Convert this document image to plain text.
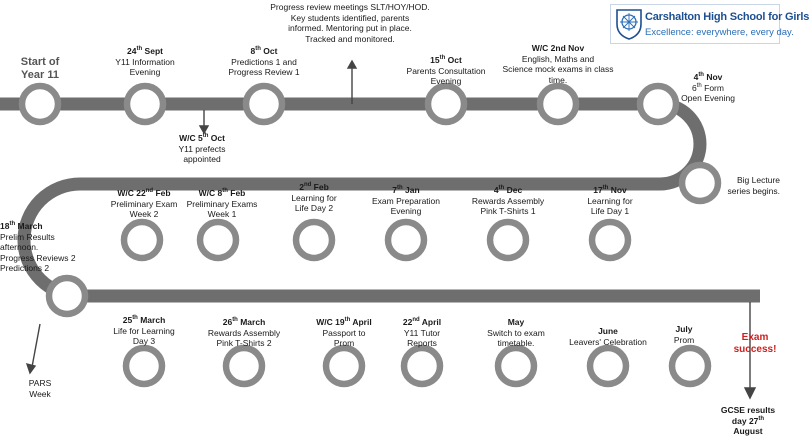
Carshalton High School for Girls
Excellence: everywhere, every day.
Start of
Year 11
24th Sept
Y11 Information
Evening
8th Oct
Predictions 1 and
Progress Review 1
15th Oct
Parents Consultation
Evening
W/C 2nd Nov
English, Maths and
Science mock exams in class
time.	4th Nov
6th Form
Open Evening
Big Lecture
series begins.
17th Nov
Learning for
Life Day 1
4th Dec
Rewards Assembly
Pink T-Shirts 1
7th Jan
Exam Preparation
Evening
2nd Feb
Learning for
Life Day 2
W/C 8th Feb
Preliminary Exams
Week 1
W/C 22nd Feb
Preliminary Exam
Week 2
18th March
Prelim Results
afternoon.
Progress Reviews 2
Predictions 2
25th March
Life for Learning
Day 3
26th March
Rewards Assembly
Pink T-Shirts 2
W/C 19th April
Passport to
Prom
22nd April
Y11 Tutor
Reports
May
Switch to exam
timetable.
June
Leavers' Celebration
July
Prom	Exam
success!
Progress review meetings SLT/HOY/HOD.
Key students identified, parents
informed. Mentoring put in place.
Tracked and monitored.
W/C 5th Oct
Y11 prefects
appointed
PARS
Week
GCSE results
day 27th
August
